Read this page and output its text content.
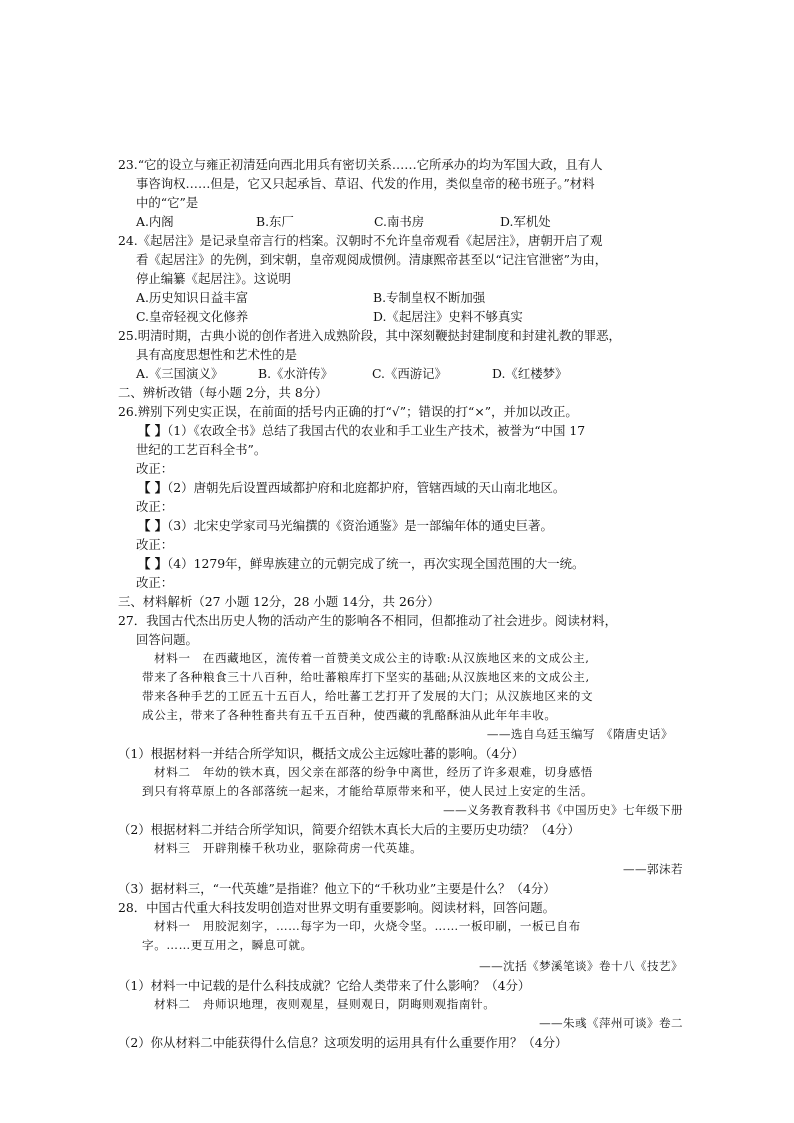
23.“它的设立与雍正初清廷向西北用兵有密切关系……它所承办的均为军国大政，且有人
事咨询权……但是，它又只起承旨、草诏、代发的作用，类似皇帝的秘书班子。”材料
中的“它”是
A.内阁	B.东厂	C.南书房	D.军机处
24.《起居注》是记录皇帝言行的档案。汉朝时不允许皇帝观看《起居注》，唐朝开启了观
看《起居注》的先例，到宋朝，皇帝观阅成惯例。清康熙帝甚至以“记注官泄密”为由，
停止编纂《起居注》。这说明
A.历史知识日益丰富	B.专制皇权不断加强
C.皇帝轻视文化修养	D.《起居注》史料不够真实
25.明清时期，古典小说的创作者进入成熟阶段，其中深刻鞭挞封建制度和封建礼教的罪恶，
具有高度思想性和艺术性的是
A.《三国演义》	B.《水浒传》	C.《西游记》	D.《红楼梦》
二、辨析改错（每小题 2分，共 8分）
26.辨别下列史实正误，在前面的括号内正确的打“√”；错误的打“×”，并加以改正。
【 】（1）《农政全书》总结了我国古代的农业和手工业生产技术，被誉为“中国 17
世纪的工艺百科全书”。
改正：
【 】（2）唐朝先后设置西域都护府和北庭都护府，管辖西域的天山南北地区。
改正：
【 】（3）北宋史学家司马光编撰的《资治通鉴》是一部编年体的通史巨著。
改正：
【 】（4）1279年，鲜卑族建立的元朝完成了统一，再次实现全国范围的大一统。
改正：
三、材料解析（27 小题 12分，28 小题 14分，共 26分）
27．我国古代杰出历史人物的活动产生的影响各不相同，但都推动了社会进步。阅读材料，
回答问题。
材料一　在西藏地区，流传着一首赞美文成公主的诗歌:从汉族地区来的文成公主,
带来了各种粮食三十八百种，给吐蕃粮库打下坚实的基础;从汉族地区来的文成公主,
带来各种手艺的工匠五十五百人，给吐蕃工艺打开了发展的大门；从汉族地区来的文
成公主，带来了各种牲畜共有五千五百种，使西藏的乳酪酥油从此年年丰收。
——选自乌廷玉编写　《隋唐史话》
（1）根据材料一并结合所学知识，概括文成公主远嫁吐蕃的影响。（4分）
材料二　年幼的铁木真，因父亲在部落的纷争中离世，经历了许多艰难，切身感悟
到只有将草原上的各部落统一起来，才能给草原带来和平，使人民过上安定的生活。
——义务教育教科书《中国历史》七年级下册
（2）根据材料二并结合所学知识，简要介绍铁木真长大后的主要历史功绩？（4分）
材料三　开辟荆榛千秋功业，驱除荷虏一代英雄。
——郭沫若
（3）据材料三，“一代英雄”是指谁？他立下的“千秋功业”主要是什么？（4分）
28．中国古代重大科技发明创造对世界文明有重要影响。阅读材料，回答问题。
材料一　用胶泥刻字，……每字为一印，火烧令坚。……一板印刷，一板已自布
字。……更互用之，瞬息可就。
——沈括《梦溪笔谈》卷十八《技艺》
（1）材料一中记载的是什么科技成就？它给人类带来了什么影响？（4分）
材料二　舟师识地理，夜则观星，昼则观日，阴晦则观指南针。
——朱彧《萍州可谈》卷二
（2）你从材料二中能获得什么信息？这项发明的运用具有什么重要作用？（4分）
